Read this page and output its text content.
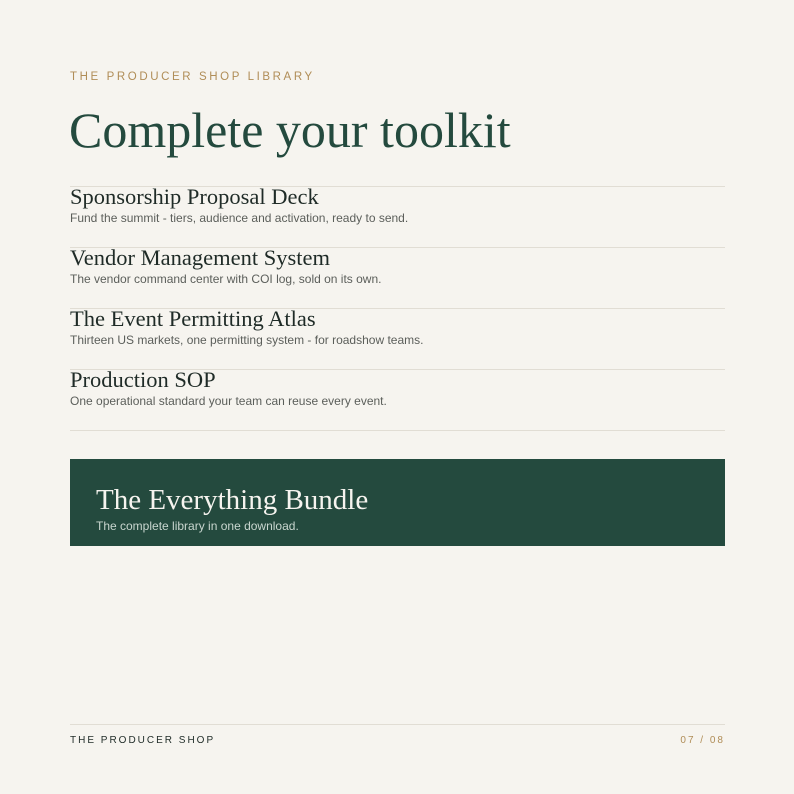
THE PRODUCER SHOP LIBRARY
Complete your toolkit
Sponsorship Proposal Deck
Fund the summit - tiers, audience and activation, ready to send.
Vendor Management System
The vendor command center with COI log, sold on its own.
The Event Permitting Atlas
Thirteen US markets, one permitting system - for roadshow teams.
Production SOP
One operational standard your team can reuse every event.
The Everything Bundle
The complete library in one download.
THE PRODUCER SHOP	07 / 08
